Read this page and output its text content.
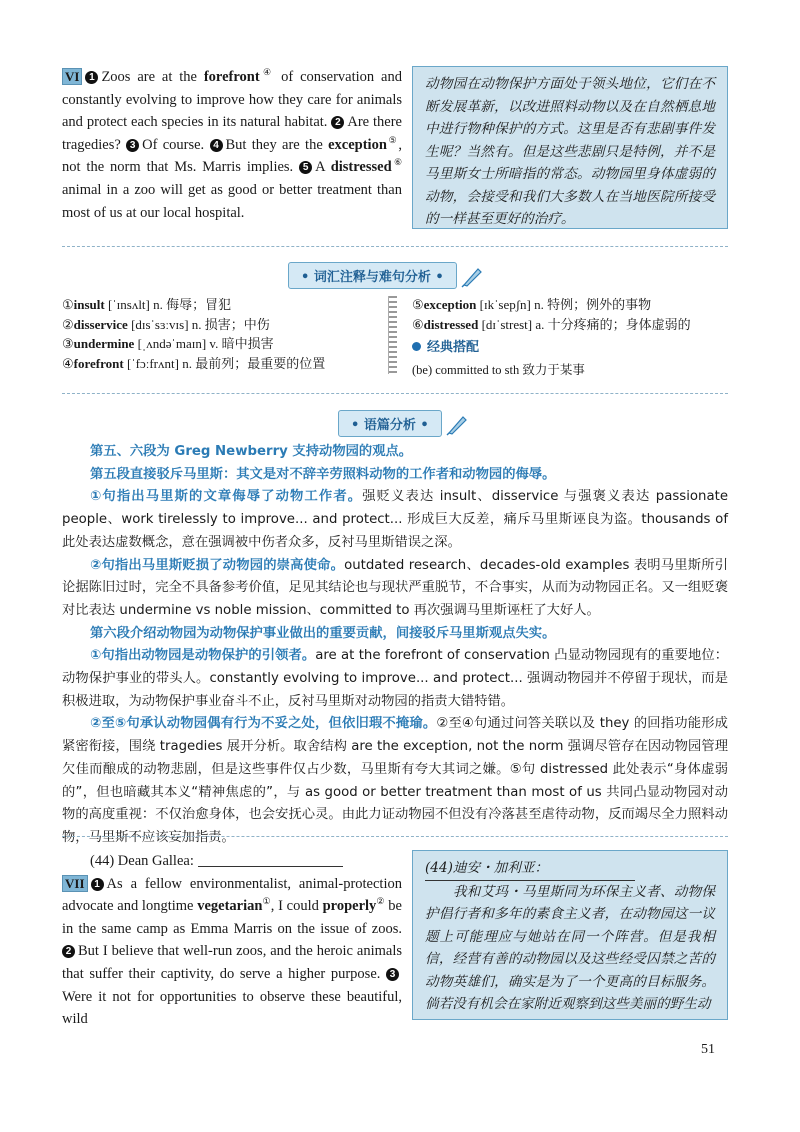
VI 1 Zoos are at the forefront④ of conservation and constantly evolving to improve how they care for animals and protect each species in its natural habitat. 2 Are there tragedies? 3 Of course. 4 But they are the exception⑤, not the norm that Ms. Marris implies. 5 A distressed⑥ animal in a zoo will get as good or better treatment than most of us at our local hospital.
动物园在动物保护方面处于领头地位，它们在不断发展革新，以改进照料动物以及在自然栖息地中进行物种保护的方式。这里是否有悲剧事件发生呢？当然有。但是这些悲剧只是特例，并不是马里斯女士所暗指的常态。动物园里身体虚弱的动物，会接受和我们大多数人在当地医院所接受的一样甚至更好的治疗。
• 词汇注释与难句分析 •
①insult [ˈɪnsʌlt] n. 侮辱；冒犯
②disservice [dɪsˈsɜːvɪs] n. 损害；中伤
③undermine [ˌʌndəˈmaɪn] v. 暗中损害
④forefront [ˈfɔːfrʌnt] n. 最前列；最重要的位置
⑤exception [ɪkˈsepʃn] n. 特例；例外的事物
⑥distressed [dɪˈstrest] a. 十分疼痛的；身体虚弱的
经典搭配
(be) committed to sth 致力于某事
• 语篇分析 •

第五、六段为 Greg Newberry 支持动物园的观点。

第五段直接驳斥马里斯：其文是对不辞辛劳照料动物的工作者和动物园的侮辱。

①句指出马里斯的文章侮辱了动物工作者。强贬义表达 insult、disservice 与强褒义表达 passionate people、work tirelessly to improve... and protect... 形成巨大反差，痛斥马里斯诬良为盗。thousands of 此处表达虚数概念，意在强调被中伤者众多，反衬马里斯错误之深。

②句指出马里斯贬损了动物园的崇高使命。outdated research、decades-old examples 表明马里斯所引论据陈旧过时，完全不具备参考价值，足见其结论也与现状严重脱节，不合事实，从而为动物园正名。又一组贬褒对比表达 undermine vs noble mission、committed to 再次强调马里斯诬枉了大好人。

第六段介绍动物园为动物保护事业做出的重要贡献，间接驳斥马里斯观点失实。

①句指出动物园是动物保护的引领者。are at the forefront of conservation 凸显动物园现有的重要地位：动物保护事业的带头人。constantly evolving to improve... and protect... 强调动物园并不停留于现状，而是积极进取，为动物保护事业奋斗不止，反衬马里斯对动物园的指责大错特错。

②至⑤句承认动物园偶有行为不妥之处，但依旧瑕不掩瑜。②至④句通过问答关联以及 they 的回指功能形成紧密衔接，围绕 tragedies 展开分析。取舍结构 are the exception, not the norm 强调尽管存在因动物园管理欠佳而酿成的动物悲剧，但是这些事件仅占少数，马里斯有夸大其词之嫌。⑤句 distressed 此处表示“身体虚弱的”，但也暗藏其本义“精神焦虑的”，与 as good or better treatment than most of us 共同凸显动物园对动物的高度重视：不仅治愈身体，也会安抚心灵。由此力证动物园不但没有冷落甚至虐待动物，反而竭尽全力照料动物，马里斯不应该妄加指责。

(44) Dean Gallea:
VII 1 As a fellow environmentalist, animal-protection advocate and longtime vegetarian①, I could properly② be in the same camp as Emma Marris on the issue of zoos. 2 But I believe that well-run zoos, and the heroic animals that suffer their captivity, do serve a higher purpose. 3Were it not for opportunities to observe these beautiful, wild
(44)迪安・加利亚：
我和艾玛・马里斯同为环保主义者、动物保护倡行者和多年的素食主义者，在动物园这一议题上可能理应与她站在同一个阵营。但是我相信，经营有善的动物园以及这些经受囚禁之苦的动物英雄们，确实是为了一个更高的目标服务。倘若没有机会在家附近观察到这些美丽的野生动
51
